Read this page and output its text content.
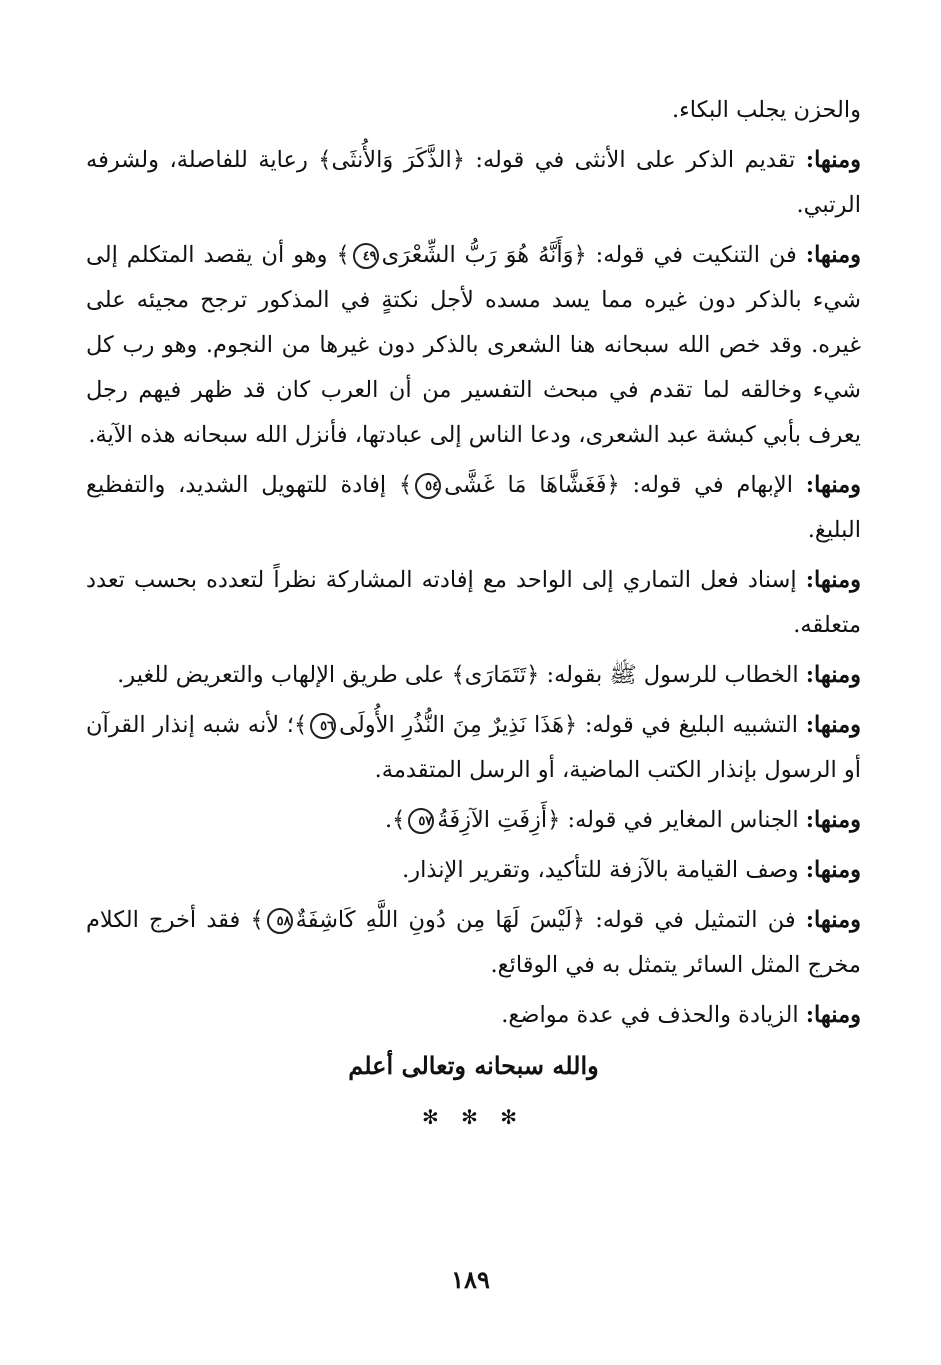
والحزن يجلب البكاء.

ومنها: تقديم الذكر على الأنثى في قوله: ﴿الذَّكَرَ وَالأُنثَى﴾ رعاية للفاصلة، ولشرفه الرتبي.

ومنها: فن التنكيت في قوله: ﴿وَأَنَّهُ هُوَ رَبُّ الشِّعْرَى٤٩﴾ وهو أن يقصد المتكلم إلى شيء بالذكر دون غيره مما يسد مسده لأجل نكتةٍ في المذكور ترجح مجيئه على غيره. وقد خص الله سبحانه هنا الشعرى بالذكر دون غيرها من النجوم. وهو رب كل شيء وخالقه لما تقدم في مبحث التفسير من أن العرب كان قد ظهر فيهم رجل يعرف بأبي كبشة عبد الشعرى، ودعا الناس إلى عبادتها، فأنزل الله سبحانه هذه الآية.

ومنها: الإبهام في قوله: ﴿فَغَشَّاهَا مَا غَشَّى٥٤﴾ إفادة للتهويل الشديد، والتفظيع البليغ.

ومنها: إسناد فعل التماري إلى الواحد مع إفادته المشاركة نظراً لتعدده بحسب تعدد متعلقه.

ومنها: الخطاب للرسول ﷺ بقوله: ﴿تَتَمَارَى﴾ على طريق الإلهاب والتعريض للغير.

ومنها: التشبيه البليغ في قوله: ﴿هَذَا نَذِيرٌ مِنَ النُّذُرِ الأُولَى٥٦﴾؛ لأنه شبه إنذار القرآن أو الرسول بإنذار الكتب الماضية، أو الرسل المتقدمة.

ومنها: الجناس المغاير في قوله: ﴿أَزِفَتِ الآزِفَةُ٥٧﴾.

ومنها: وصف القيامة بالآزفة للتأكيد، وتقرير الإنذار.

ومنها: فن التمثيل في قوله: ﴿لَيْسَ لَهَا مِن دُونِ اللَّهِ كَاشِفَةٌ٥٨﴾ فقد أخرج الكلام مخرج المثل السائر يتمثل به في الوقائع.

ومنها: الزيادة والحذف في عدة مواضع.

والله سبحانه وتعالى أعلم
✻ ✻ ✻
١٨٩
